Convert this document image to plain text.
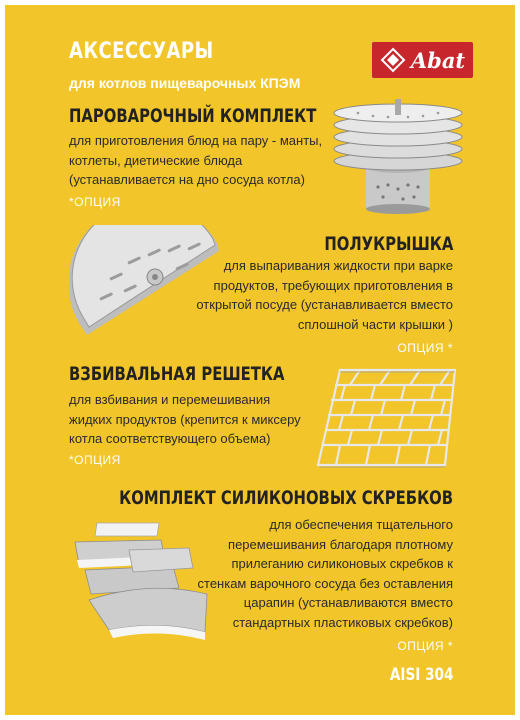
АКСЕССУАРЫ
для котлов пищеварочных КПЭМ
Abat
ПАРОВАРОЧНЫЙ КОМПЛЕКТ
для приготовления блюд на пару - манты,
котлеты, диетические блюда
(устанавливается на дно сосуда котла)
*ОПЦИЯ
ПОЛУКРЫШКА
для выпаривания жидкости при варке
продуктов, требующих приготовления в
открытой посуде (устанавливается вместо
сплошной части крышки )
ОПЦИЯ *
ВЗБИВАЛЬНАЯ РЕШЕТКА
для взбивания и перемешивания
жидких продуктов (крепится к миксеру
котла соответствующего объема)
*ОПЦИЯ
КОМПЛЕКТ СИЛИКОНОВЫХ СКРЕБКОВ
для обеспечения тщательного
перемешивания благодаря плотному
прилеганию силиконовых скребков к
стенкам варочного сосуда без оставления
царапин (устанавливаются вместо
стандартных пластиковых скребков)
ОПЦИЯ *
AISI 304
